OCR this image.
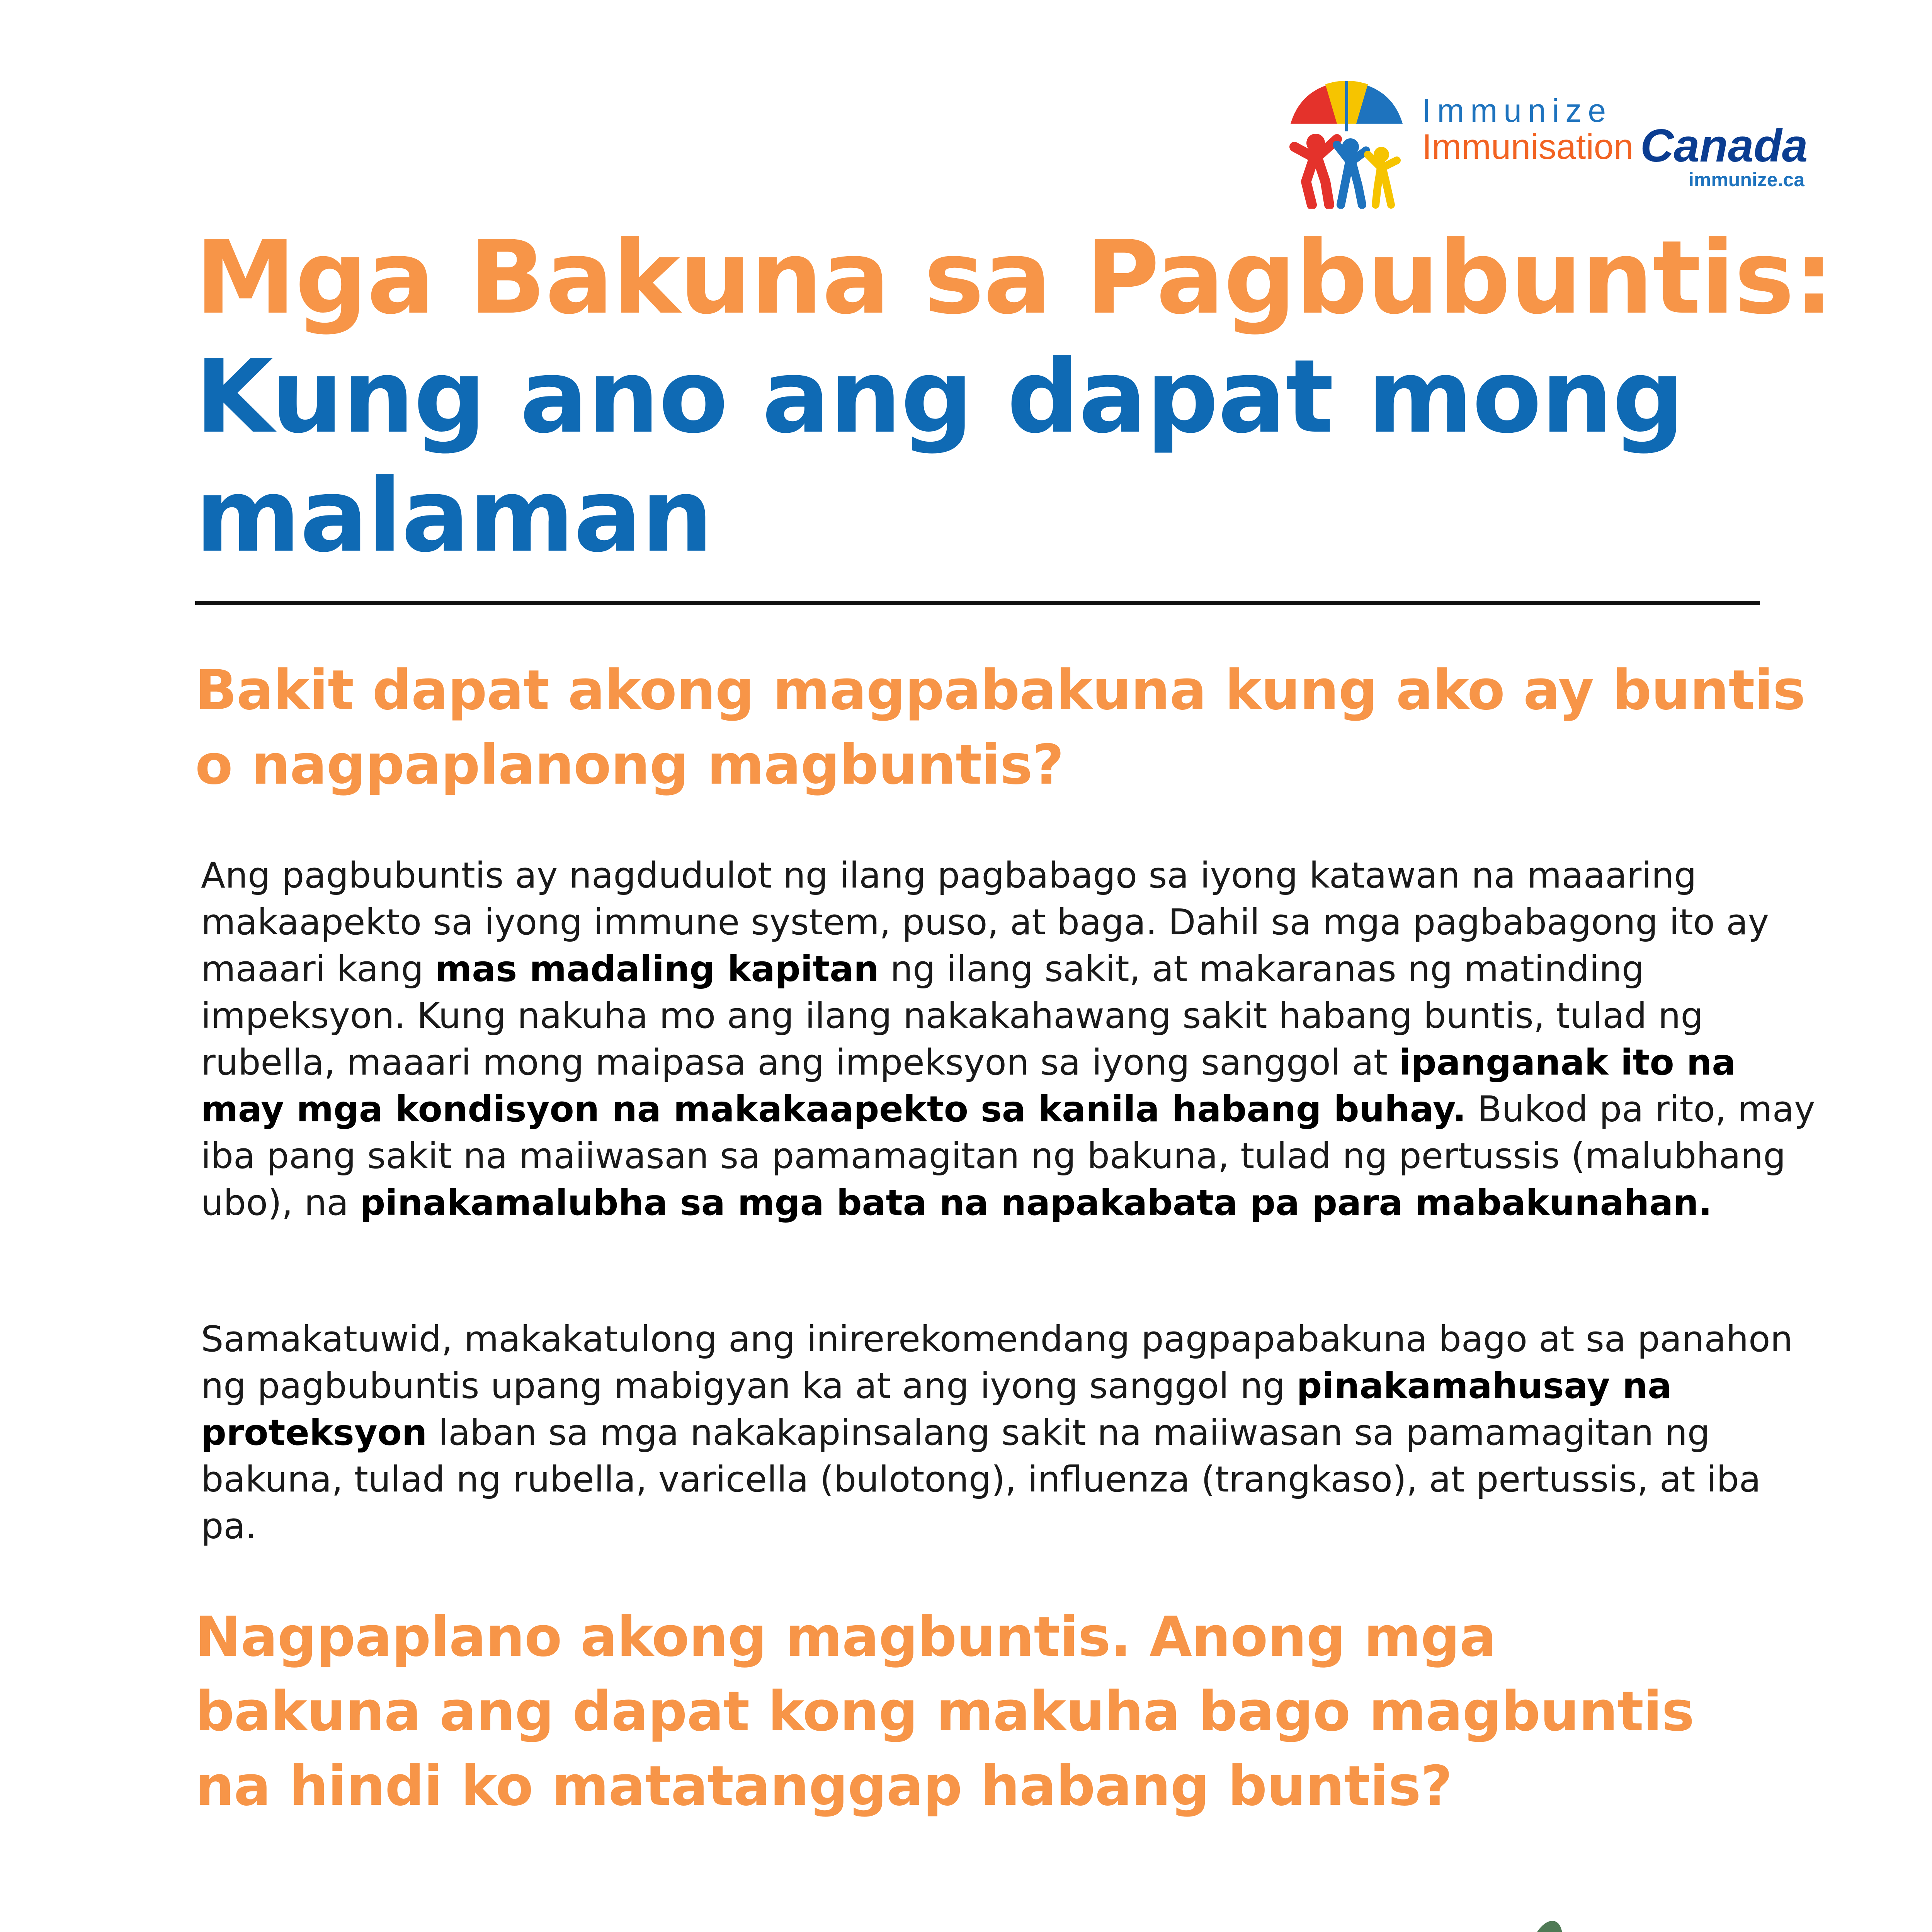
Immunize
Immunisation Canada
immunize.ca
Mga Bakuna sa Pagbubuntis: Kung ano ang dapat mong malaman
Bakit dapat akong magpabakuna kung ako ay buntis o nagpaplanong magbuntis?

Ang pagbubuntis ay nagdudulot ng ilang pagbabago sa iyong katawan na maaaring makaapekto sa iyong immune system, puso, at baga. Dahil sa mga pagbabagong ito ay maaari kang mas madaling kapitan ng ilang sakit, at makaranas ng matinding impeksyon. Kung nakuha mo ang ilang nakakahawang sakit habang buntis, tulad ng rubella, maaari mong maipasa ang impeksyon sa iyong sanggol at ipanganak ito na may mga kondisyon na makakaapekto sa kanila habang buhay. Bukod pa rito, may iba pang sakit na maiiwasan sa pamamagitan ng bakuna, tulad ng pertussis (malubhang ubo), na pinakamalubha sa mga bata na napakabata pa para mabakunahan.

Samakatuwid, makakatulong ang inirerekomendang pagpapabakuna bago at sa panahon ng pagbubuntis upang mabigyan ka at ang iyong sanggol ng pinakamahusay na proteksyon laban sa mga nakakapinsalang sakit na maiiwasan sa pamamagitan ng bakuna, tulad ng rubella, varicella (bulotong), influenza (trangkaso), at pertussis, at iba pa.

Nagpaplano akong magbuntis. Anong mga bakuna ang dapat kong makuha bago magbuntis na hindi ko matatanggap habang buntis?
